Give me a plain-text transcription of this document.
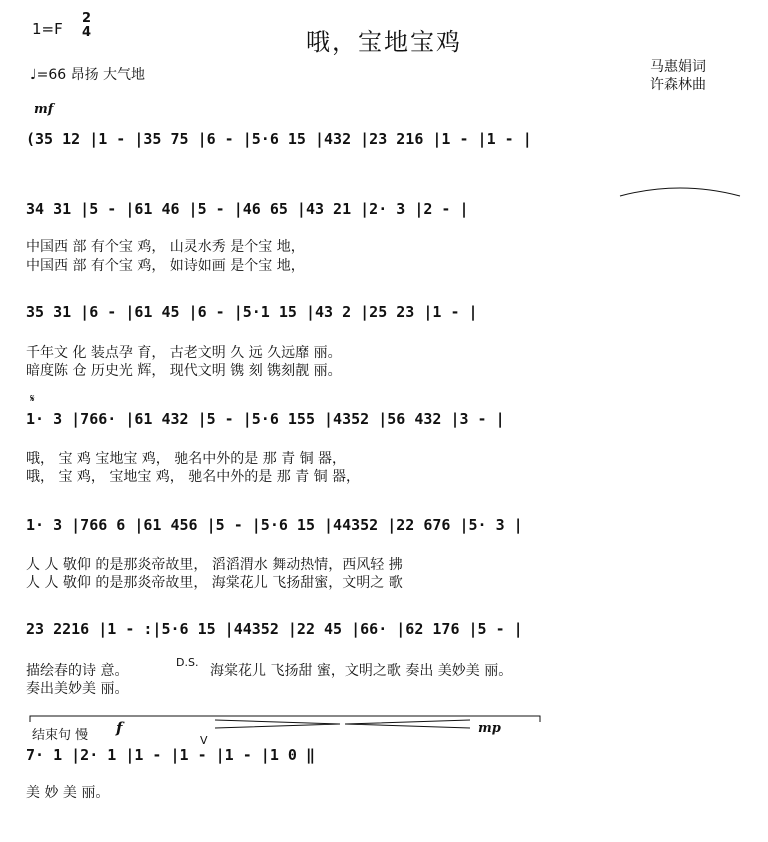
1=F
2
4	哦，宝地宝鸡
♩=66 昂扬 大气地	马惠娟词
许森林曲
mf
(35 12 |1 - |35 75 |6 - |5·6 15 |432 |23 216 |1 - |1 - |
34 31 |5 - |61 46 |5 - |46 65 |43 21 |2· 3 |2 - |
中国西 部 有个宝 鸡， 山灵水秀 是个宝 地，
中国西 部 有个宝 鸡， 如诗如画 是个宝 地，
35 31 |6 - |61 45 |6 - |5·1 15 |43 2 |25 23 |1 - |
千年文 化 装点孕 育， 古老文明 久 远 久远靡 丽。
暗度陈 仓 历史光 辉， 现代文明 镌 刻 镌刻靓 丽。
𝄋
1· 3 |766· |61 432 |5 - |5·6 155 |4352 |56 432 |3 - |
哦， 宝 鸡 宝地宝 鸡， 驰名中外的是 那 青 铜 器，
哦， 宝 鸡， 宝地宝 鸡， 驰名中外的是 那 青 铜 器，
1· 3 |766 6 |61 456 |5 - |5·6 15 |44352 |22 676 |5· 3 |
人 人 敬仰 的是那炎帝故里， 滔滔渭水 舞动热情，西风轻 拂
人 人 敬仰 的是那炎帝故里， 海棠花儿 飞扬甜蜜，文明之 歌
23 2216 |1 - :|5·6 15 |44352 |22 45 |66· |62 176 |5 - |
描绘春的诗 意。
D.S.
海棠花儿 飞扬甜 蜜，文明之歌 奏出 美妙美 丽。
奏出美妙美 丽。
结束句 慢 f	mp
V
7· 1 |2· 1 |1 - |1 - |1 - |1 0 ‖
美 妙 美 丽。
